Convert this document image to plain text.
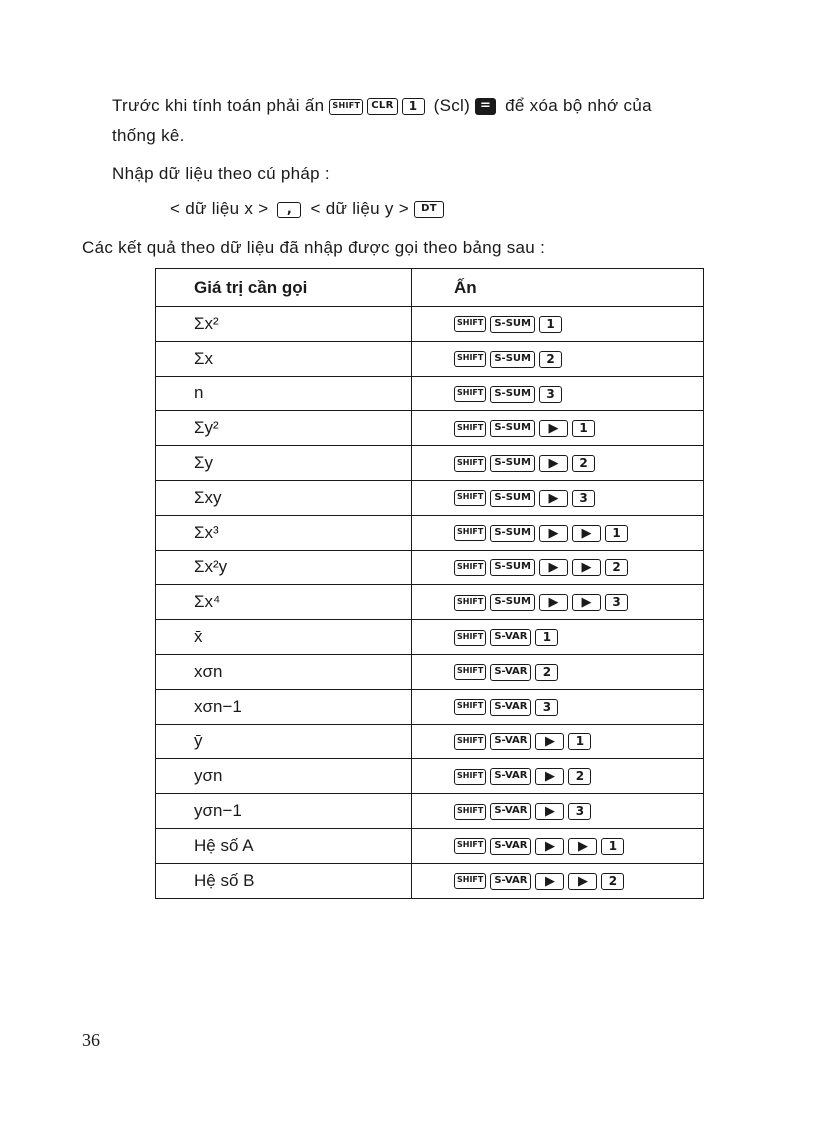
Trước khi tính toán phải ấn SHIFT CLR 1 (Scl) = để xóa bộ nhớ của
thống kê.
Nhập dữ liệu theo cú pháp :
< dữ liệu x > , < dữ liệu y > DT
Các kết quả theo dữ liệu đã nhập được gọi theo bảng sau :
Giá trị cần gọi	Ấn
Σx²	SHIFT S-SUM 1
Σx	SHIFT S-SUM 2
n	SHIFT S-SUM 3
Σy²	SHIFT S-SUM ▶ 1
Σy	SHIFT S-SUM ▶ 2
Σxy	SHIFT S-SUM ▶ 3
Σx³	SHIFT S-SUM ▶ ▶ 1
Σx²y	SHIFT S-SUM ▶ ▶ 2
Σx⁴	SHIFT S-SUM ▶ ▶ 3
x̄	SHIFT S-VAR 1
xσn	SHIFT S-VAR 2
xσn−1	SHIFT S-VAR 3
ȳ	SHIFT S-VAR ▶ 1
yσn	SHIFT S-VAR ▶ 2
yσn−1	SHIFT S-VAR ▶ 3
Hệ số A	SHIFT S-VAR ▶ ▶ 1
Hệ số B	SHIFT S-VAR ▶ ▶ 2
36
